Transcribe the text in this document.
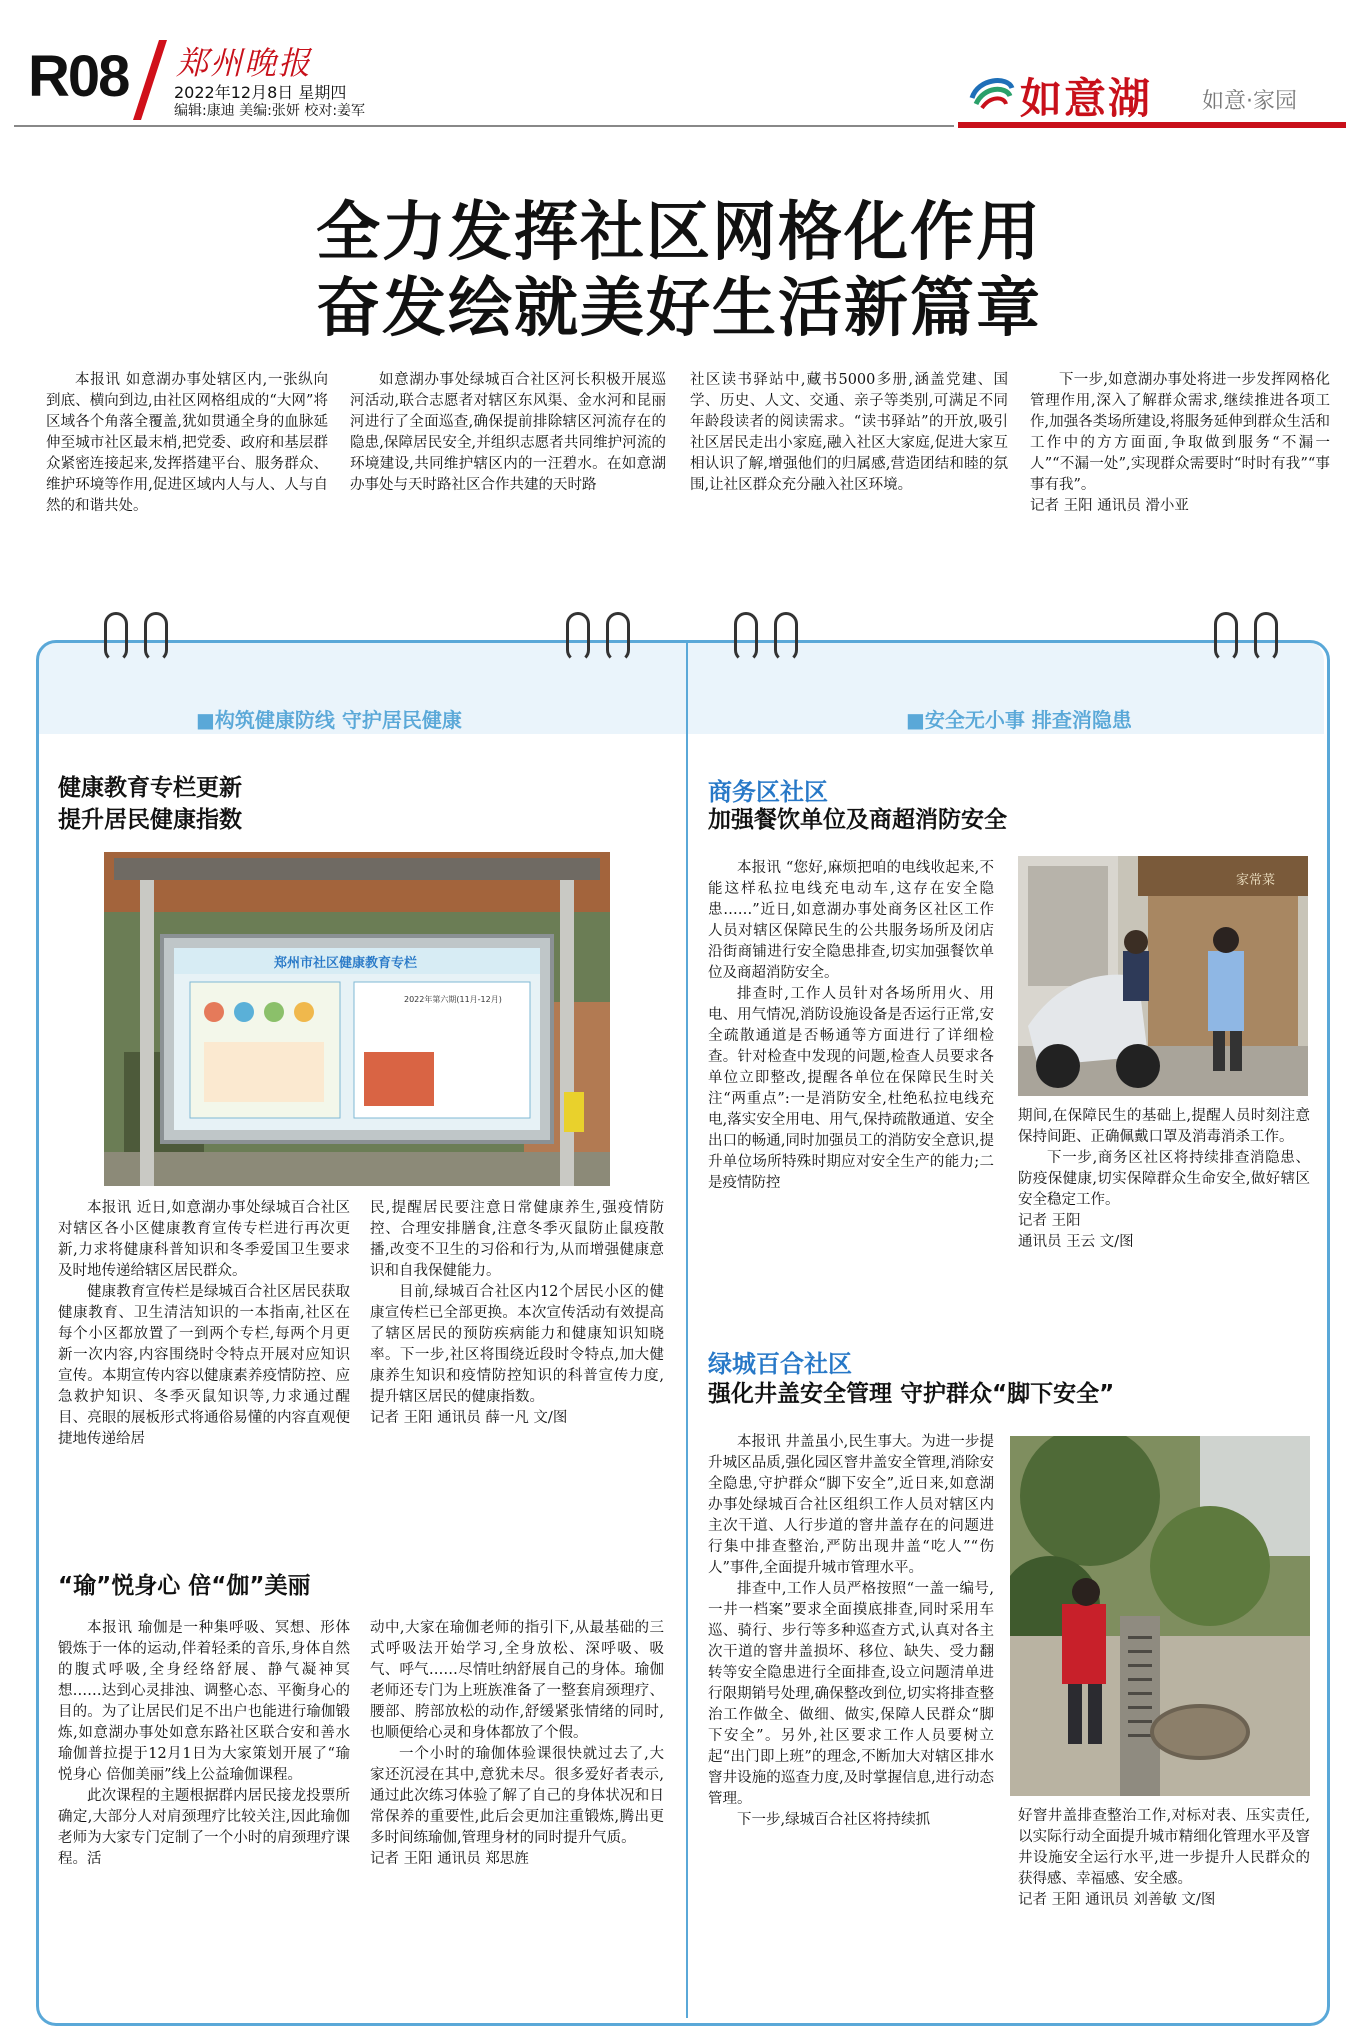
R08 郑州晚报
2022年12月8日 星期四
编辑:康迪 美编:张妍 校对:姜军	如意湖 如意·家园
全力发挥社区网格化作用
奋发绘就美好生活新篇章

本报讯 如意湖办事处辖区内,一张纵向到底、横向到边,由社区网格组成的“大网”将区域各个角落全覆盖,犹如贯通全身的血脉延伸至城市社区最末梢,把党委、政府和基层群众紧密连接起来,发挥搭建平台、服务群众、维护环境等作用,促进区域内人与人、人与自然的和谐共处。

如意湖办事处绿城百合社区河长积极开展巡河活动,联合志愿者对辖区东风渠、金水河和昆丽河进行了全面巡查,确保提前排除辖区河流存在的隐患,保障居民安全,并组织志愿者共同维护河流的环境建设,共同维护辖区内的一汪碧水。在如意湖办事处与天时路社区合作共建的天时路

社区读书驿站中,藏书5000多册,涵盖党建、国学、历史、人文、交通、亲子等类别,可满足不同年龄段读者的阅读需求。“读书驿站”的开放,吸引社区居民走出小家庭,融入社区大家庭,促进大家互相认识了解,增强他们的归属感,营造团结和睦的氛围,让社区群众充分融入社区环境。

下一步,如意湖办事处将进一步发挥网格化管理作用,深入了解群众需求,继续推进各项工作,加强各类场所建设,将服务延伸到群众生活和工作中的方方面面,争取做到服务“不漏一人”“不漏一处”,实现群众需要时“时时有我”“事事有我”。

记者 王阳 通讯员 滑小亚

■构筑健康防线 守护居民健康	■安全无小事 排查消隐患
健康教育专栏更新
提升居民健康指数
郑州市社区健康教育专栏
2022年第六期(11月-12月)

本报讯 近日,如意湖办事处绿城百合社区对辖区各小区健康教育宣传专栏进行再次更新,力求将健康科普知识和冬季爱国卫生要求及时地传递给辖区居民群众。

健康教育宣传栏是绿城百合社区居民获取健康教育、卫生清洁知识的一本指南,社区在每个小区都放置了一到两个专栏,每两个月更新一次内容,内容围绕时令特点开展对应知识宣传。本期宣传内容以健康素养疫情防控、应急救护知识、冬季灭鼠知识等,力求通过醒目、亮眼的展板形式将通俗易懂的内容直观便捷地传递给居

民,提醒居民要注意日常健康养生,强疫情防控、合理安排膳食,注意冬季灭鼠防止鼠疫散播,改变不卫生的习俗和行为,从而增强健康意识和自我保健能力。

目前,绿城百合社区内12个居民小区的健康宣传栏已全部更换。本次宣传活动有效提高了辖区居民的预防疾病能力和健康知识知晓率。下一步,社区将围绕近段时令特点,加大健康养生知识和疫情防控知识的科普宣传力度,提升辖区居民的健康指数。

记者 王阳 通讯员 薛一凡 文/图

“瑜”悦身心 倍“伽”美丽

本报讯 瑜伽是一种集呼吸、冥想、形体锻炼于一体的运动,伴着轻柔的音乐,身体自然的腹式呼吸,全身经络舒展、静气凝神冥想……达到心灵排浊、调整心态、平衡身心的目的。为了让居民们足不出户也能进行瑜伽锻炼,如意湖办事处如意东路社区联合安和善水瑜伽普拉提于12月1日为大家策划开展了“瑜悦身心 倍伽美丽”线上公益瑜伽课程。

此次课程的主题根据群内居民接龙投票所确定,大部分人对肩颈理疗比较关注,因此瑜伽老师为大家专门定制了一个小时的肩颈理疗课程。活

动中,大家在瑜伽老师的指引下,从最基础的三式呼吸法开始学习,全身放松、深呼吸、吸气、呼气……尽情吐纳舒展自己的身体。瑜伽老师还专门为上班族准备了一整套肩颈理疗、腰部、胯部放松的动作,舒缓紧张情绪的同时,也顺便给心灵和身体都放了个假。

一个小时的瑜伽体验课很快就过去了,大家还沉浸在其中,意犹未尽。很多爱好者表示,通过此次练习体验了解了自己的身体状况和日常保养的重要性,此后会更加注重锻炼,腾出更多时间练瑜伽,管理身材的同时提升气质。

记者 王阳 通讯员 郑思旌

商务区社区
加强餐饮单位及商超消防安全

本报讯 “您好,麻烦把咱的电线收起来,不能这样私拉电线充电动车,这存在安全隐患……”近日,如意湖办事处商务区社区工作人员对辖区保障民生的公共服务场所及闭店沿街商铺进行安全隐患排查,切实加强餐饮单位及商超消防安全。

排查时,工作人员针对各场所用火、用电、用气情况,消防设施设备是否运行正常,安全疏散通道是否畅通等方面进行了详细检查。针对检查中发现的问题,检查人员要求各单位立即整改,提醒各单位在保障民生时关注“两重点”:一是消防安全,杜绝私拉电线充电,落实安全用电、用气,保持疏散通道、安全出口的畅通,同时加强员工的消防安全意识,提升单位场所特殊时期应对安全生产的能力;二是疫情防控

家常菜

期间,在保障民生的基础上,提醒人员时刻注意保持间距、正确佩戴口罩及消毒消杀工作。

下一步,商务区社区将持续排查消隐患、防疫保健康,切实保障群众生命安全,做好辖区安全稳定工作。

记者 王阳

通讯员 王云 文/图

绿城百合社区
强化井盖安全管理 守护群众“脚下安全”

本报讯 井盖虽小,民生事大。为进一步提升城区品质,强化园区窨井盖安全管理,消除安全隐患,守护群众“脚下安全”,近日来,如意湖办事处绿城百合社区组织工作人员对辖区内主次干道、人行步道的窨井盖存在的问题进行集中排查整治,严防出现井盖“吃人”“伤人”事件,全面提升城市管理水平。

排查中,工作人员严格按照“一盖一编号,一井一档案”要求全面摸底排查,同时采用车巡、骑行、步行等多种巡查方式,认真对各主次干道的窨井盖损坏、移位、缺失、受力翻转等安全隐患进行全面排查,设立问题清单进行限期销号处理,确保整改到位,切实将排查整治工作做全、做细、做实,保障人民群众“脚下安全”。另外,社区要求工作人员要树立起“出门即上班”的理念,不断加大对辖区排水窨井设施的巡查力度,及时掌握信息,进行动态管理。

下一步,绿城百合社区将持续抓	好窨井盖排查整治工作,对标对表、压实责任,以实际行动全面提升城市精细化管理水平及窨井设施安全运行水平,进一步提升人民群众的获得感、幸福感、安全感。

记者 王阳 通讯员 刘善敏 文/图
